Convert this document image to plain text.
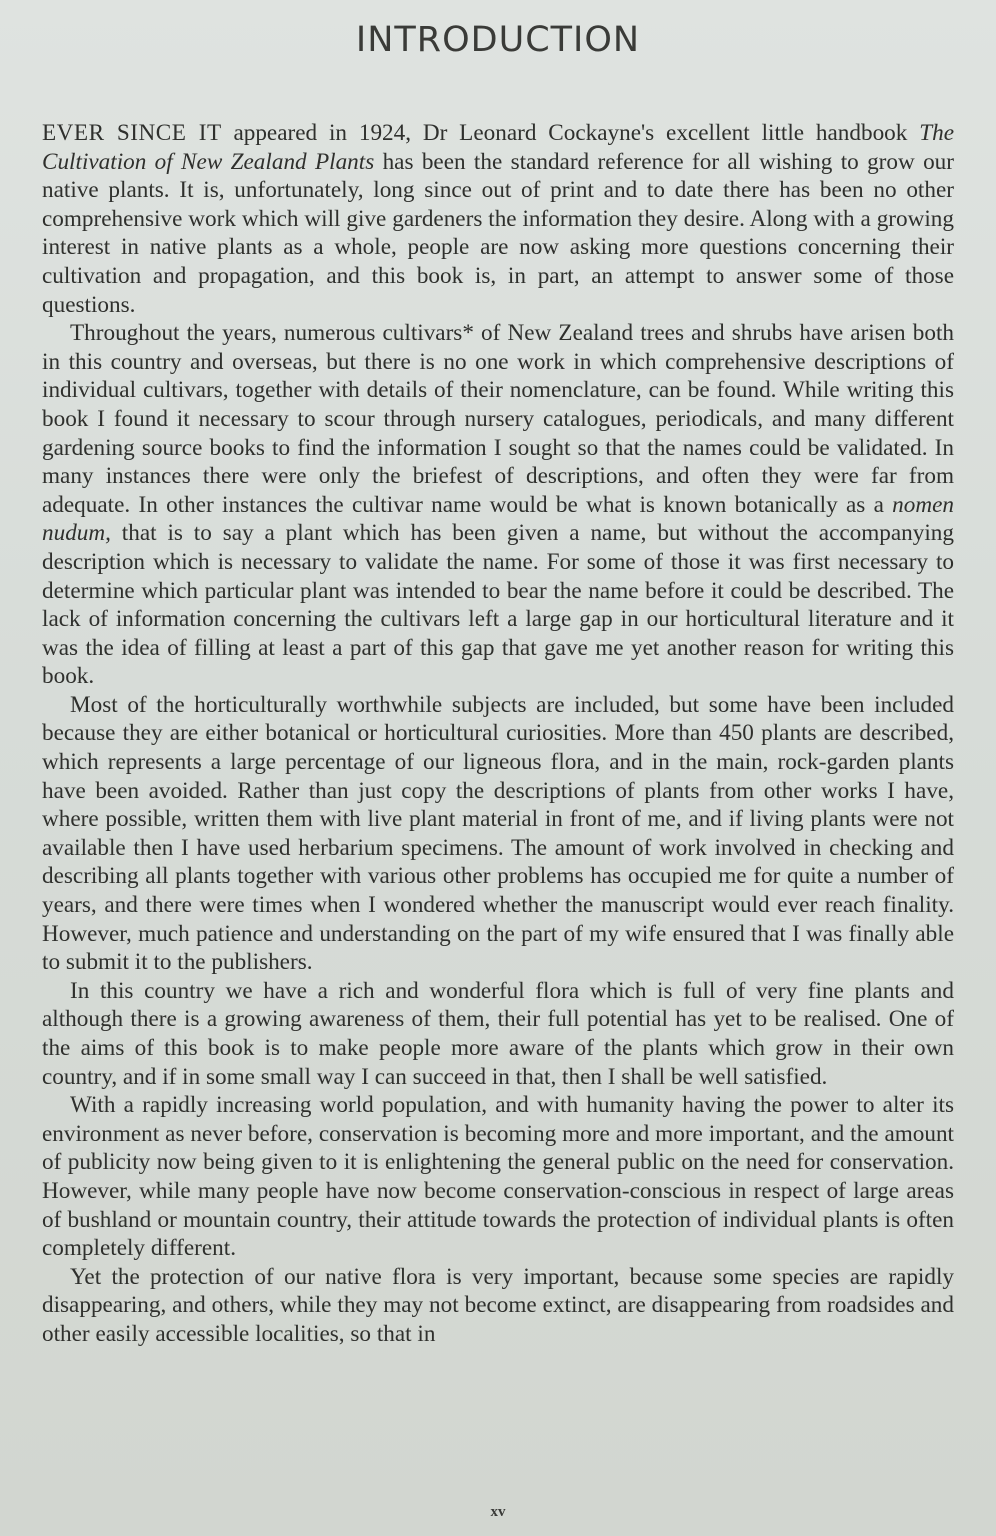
INTRODUCTION

EVER SINCE IT appeared in 1924, Dr Leonard Cockayne's excellent little handbook The Cultivation of New Zealand Plants has been the standard reference for all wishing to grow our native plants. It is, unfortunately, long since out of print and to date there has been no other comprehensive work which will give gardeners the information they desire. Along with a growing interest in native plants as a whole, people are now asking more questions concerning their cultivation and propagation, and this book is, in part, an attempt to answer some of those questions.

Throughout the years, numerous cultivars* of New Zealand trees and shrubs have arisen both in this country and overseas, but there is no one work in which comprehensive descriptions of individual cultivars, together with details of their nomenclature, can be found. While writing this book I found it necessary to scour through nursery catalogues, periodicals, and many different gardening source books to find the information I sought so that the names could be validated. In many instances there were only the briefest of descriptions, and often they were far from adequate. In other instances the cultivar name would be what is known botanically as a nomen nudum, that is to say a plant which has been given a name, but without the accompanying description which is necessary to validate the name. For some of those it was first necessary to determine which particular plant was intended to bear the name before it could be described. The lack of information concerning the cultivars left a large gap in our horticultural literature and it was the idea of filling at least a part of this gap that gave me yet another reason for writing this book.

Most of the horticulturally worthwhile subjects are included, but some have been included because they are either botanical or horticultural curiosities. More than 450 plants are described, which represents a large percentage of our ligneous flora, and in the main, rock-garden plants have been avoided. Rather than just copy the descriptions of plants from other works I have, where possible, written them with live plant material in front of me, and if living plants were not available then I have used herbarium specimens. The amount of work involved in checking and describing all plants together with various other problems has occupied me for quite a number of years, and there were times when I wondered whether the manuscript would ever reach finality. However, much patience and understanding on the part of my wife ensured that I was finally able to submit it to the publishers.

In this country we have a rich and wonderful flora which is full of very fine plants and although there is a growing awareness of them, their full potential has yet to be realised. One of the aims of this book is to make people more aware of the plants which grow in their own country, and if in some small way I can succeed in that, then I shall be well satisfied.

With a rapidly increasing world population, and with humanity having the power to alter its environment as never before, conservation is becoming more and more important, and the amount of publicity now being given to it is enlightening the general public on the need for conservation. However, while many people have now become conservation-conscious in respect of large areas of bushland or mountain country, their attitude towards the protection of individual plants is often completely different.

Yet the protection of our native flora is very important, because some species are rapidly disappearing, and others, while they may not become extinct, are disappearing from roadsides and other easily accessible localities, so that in

xv
